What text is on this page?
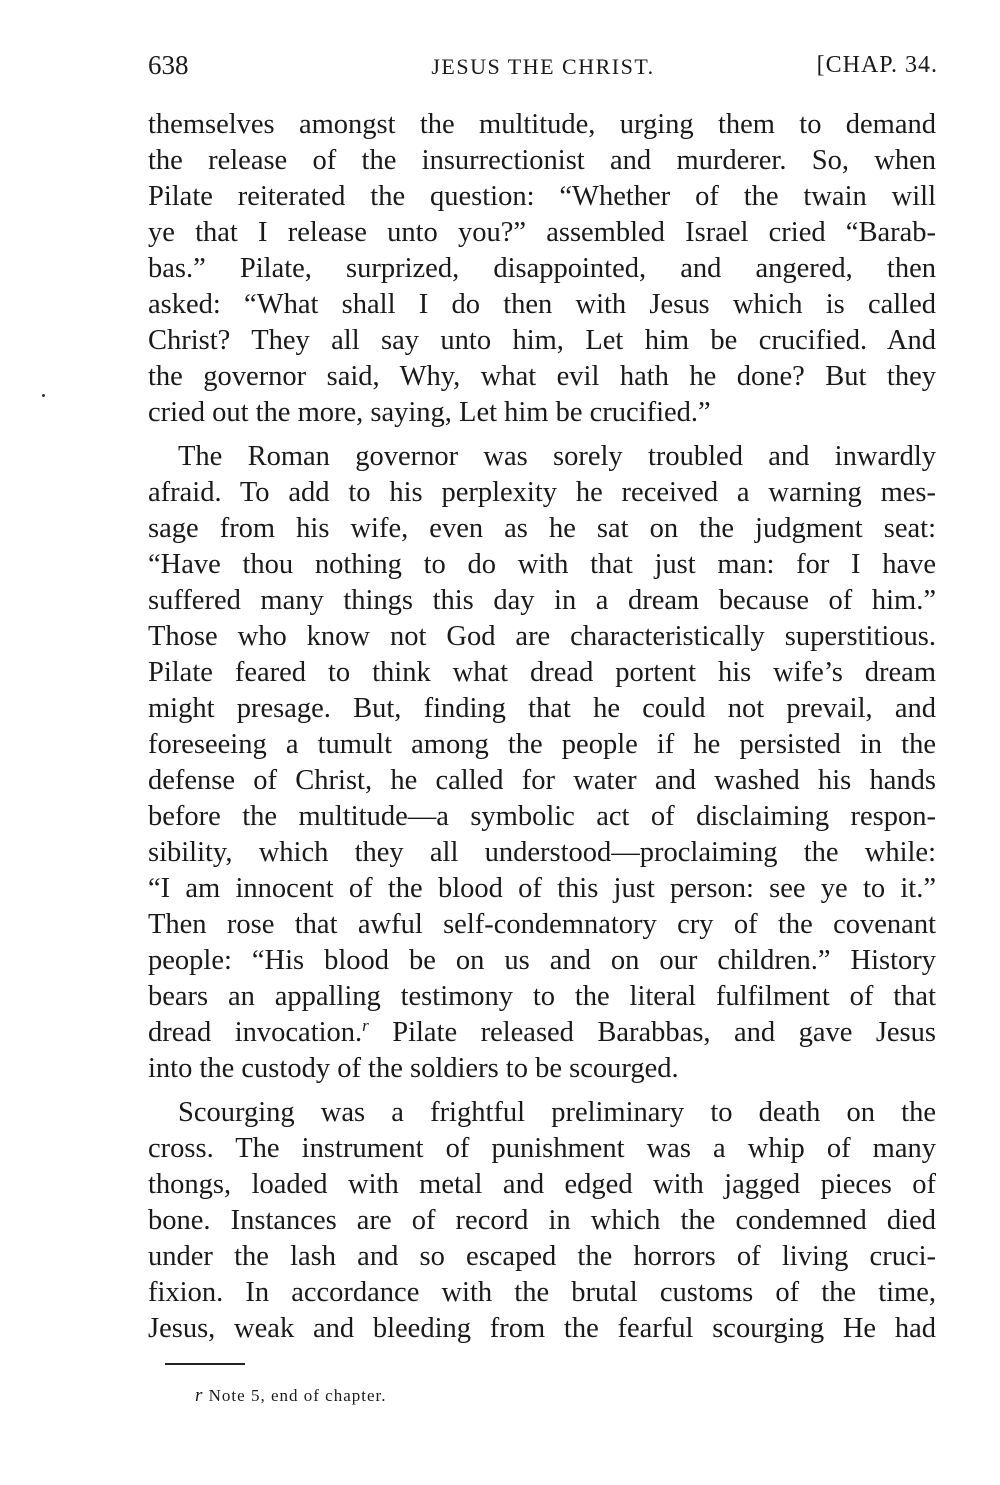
638	JESUS THE CHRIST.	[CHAP. 34.
themselves amongst the multitude, urging them to demand
the release of the insurrectionist and murderer. So, when
Pilate reiterated the question: “Whether of the twain will
ye that I release unto you?” assembled Israel cried “Barab-
bas.” Pilate, surprized, disappointed, and angered, then
asked: “What shall I do then with Jesus which is called
Christ? They all say unto him, Let him be crucified. And
the governor said, Why, what evil hath he done? But they
cried out the more, saying, Let him be crucified.”
The Roman governor was sorely troubled and inwardly
afraid. To add to his perplexity he received a warning mes-
sage from his wife, even as he sat on the judgment seat:
“Have thou nothing to do with that just man: for I have
suffered many things this day in a dream because of him.”
Those who know not God are characteristically superstitious.
Pilate feared to think what dread portent his wife’s dream
might presage. But, finding that he could not prevail, and
foreseeing a tumult among the people if he persisted in the
defense of Christ, he called for water and washed his hands
before the multitude—a symbolic act of disclaiming respon-
sibility, which they all understood—proclaiming the while:
“I am innocent of the blood of this just person: see ye to it.”
Then rose that awful self-condemnatory cry of the covenant
people: “His blood be on us and on our children.” History
bears an appalling testimony to the literal fulfilment of that
dread invocation.$^r$ Pilate released Barabbas, and gave Jesus
into the custody of the soldiers to be scourged.
Scourging was a frightful preliminary to death on the
cross. The instrument of punishment was a whip of many
thongs, loaded with metal and edged with jagged pieces of
bone. Instances are of record in which the condemned died
under the lash and so escaped the horrors of living cruci-
fixion. In accordance with the brutal customs of the time,
Jesus, weak and bleeding from the fearful scourging He had
r Note 5, end of chapter.
